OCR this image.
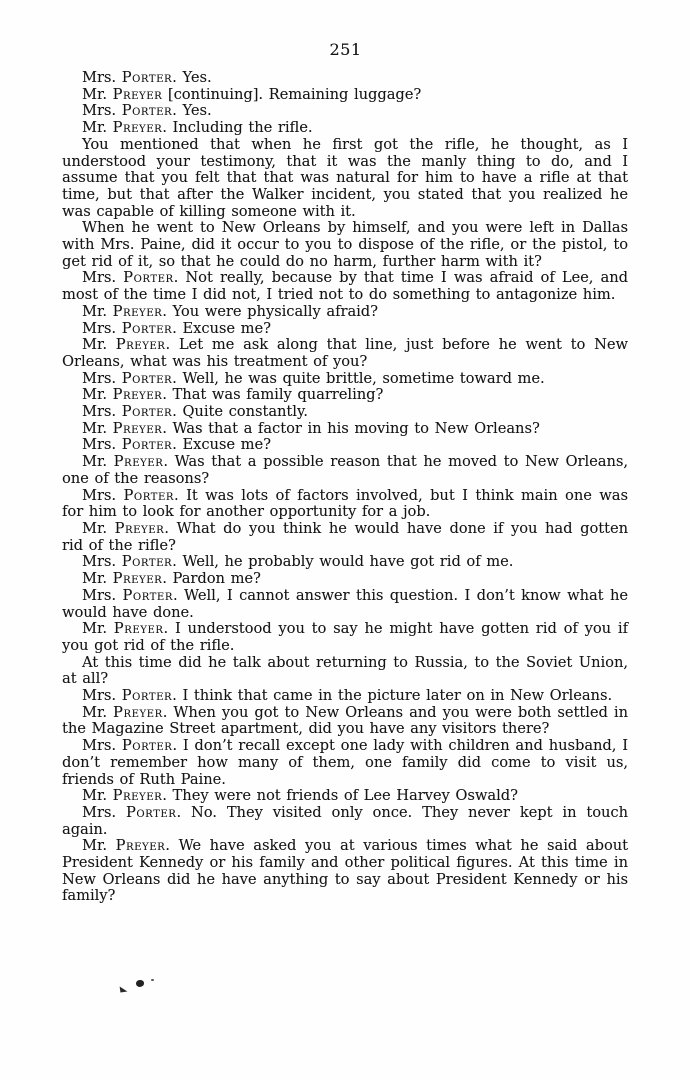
251

Mrs. Porter. Yes.

Mr. Preyer [continuing]. Remaining luggage?

Mrs. Porter. Yes.

Mr. Preyer. Including the rifle.

You mentioned that when he first got the rifle, he thought, as I understood your testimony, that it was the manly thing to do, and I assume that you felt that that was natural for him to have a rifle at that time, but that after the Walker incident, you stated that you realized he was capable of killing someone with it.

When he went to New Orleans by himself, and you were left in Dallas with Mrs. Paine, did it occur to you to dispose of the rifle, or the pistol, to get rid of it, so that he could do no harm, further harm with it?

Mrs. Porter. Not really, because by that time I was afraid of Lee, and most of the time I did not, I tried not to do something to antagonize him.

Mr. Preyer. You were physically afraid?

Mrs. Porter. Excuse me?

Mr. Preyer. Let me ask along that line, just before he went to New Orleans, what was his treatment of you?

Mrs. Porter. Well, he was quite brittle, sometime toward me.

Mr. Preyer. That was family quarreling?

Mrs. Porter. Quite constantly.

Mr. Preyer. Was that a factor in his moving to New Orleans?

Mrs. Porter. Excuse me?

Mr. Preyer. Was that a possible reason that he moved to New Orleans, one of the reasons?

Mrs. Porter. It was lots of factors involved, but I think main one was for him to look for another opportunity for a job.

Mr. Preyer. What do you think he would have done if you had gotten rid of the rifle?

Mrs. Porter. Well, he probably would have got rid of me.

Mr. Preyer. Pardon me?

Mrs. Porter. Well, I cannot answer this question. I don’t know what he would have done.

Mr. Preyer. I understood you to say he might have gotten rid of you if you got rid of the rifle.

At this time did he talk about returning to Russia, to the Soviet Union, at all?

Mrs. Porter. I think that came in the picture later on in New Orleans.

Mr. Preyer. When you got to New Orleans and you were both settled in the Magazine Street apartment, did you have any visitors there?

Mrs. Porter. I don’t recall except one lady with children and husband, I don’t remember how many of them, one family did come to visit us, friends of Ruth Paine.

Mr. Preyer. They were not friends of Lee Harvey Oswald?

Mrs. Porter. No. They visited only once. They never kept in touch again.

Mr. Preyer. We have asked you at various times what he said about President Kennedy or his family and other political figures. At this time in New Orleans did he have anything to say about President Kennedy or his family?
